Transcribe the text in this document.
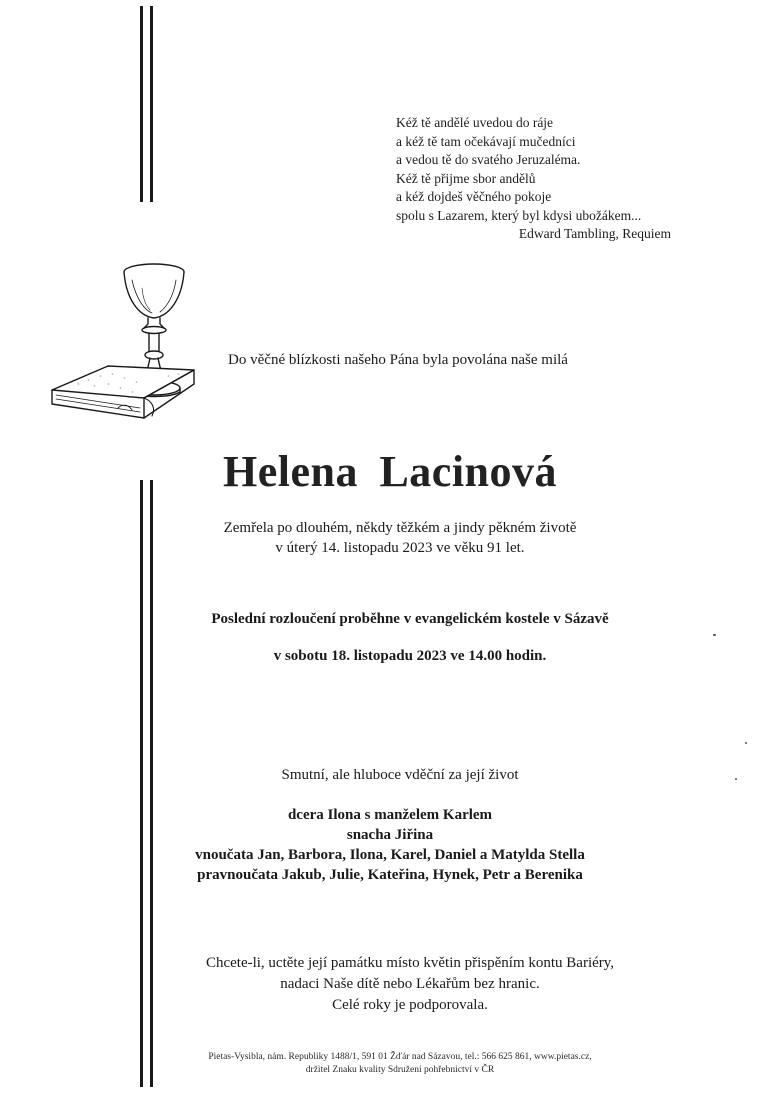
Kéž tě andělé uvedou do ráje
a kéž tě tam očekávají mučedníci
a vedou tě do svatého Jeruzaléma.
Kéž tě přijme sbor andělů
a kéž dojdeš věčného pokoje
spolu s Lazarem, který byl kdysi ubožákem...
Edward Tambling, Requiem
Do věčné blízkosti našeho Pána byla povolána naše milá
Helena Lacinová
Zemřela po dlouhém, někdy těžkém a jindy pěkném životě
v úterý 14. listopadu 2023 ve věku 91 let.
Poslední rozloučení proběhne v evangelickém kostele v Sázavě
v sobotu 18. listopadu 2023 ve 14.00 hodin.
Smutní, ale hluboce vděční za její život
dcera Ilona s manželem Karlem
snacha Jiřina
vnoučata Jan, Barbora, Ilona, Karel, Daniel a Matylda Stella
pravnoučata Jakub, Julie, Kateřina, Hynek, Petr a Berenika
Chcete-li, uctěte její památku místo květin přispěním kontu Bariéry,
nadaci Naše dítě nebo Lékařům bez hranic.
Celé roky je podporovala.
Pietas-Vysibla, nám. Republiky 1488/1, 591 01 Žďár nad Sázavou, tel.: 566 625 861, www.pietas.cz,
držitel Znaku kvality Sdružení pohřebnictví v ČR
